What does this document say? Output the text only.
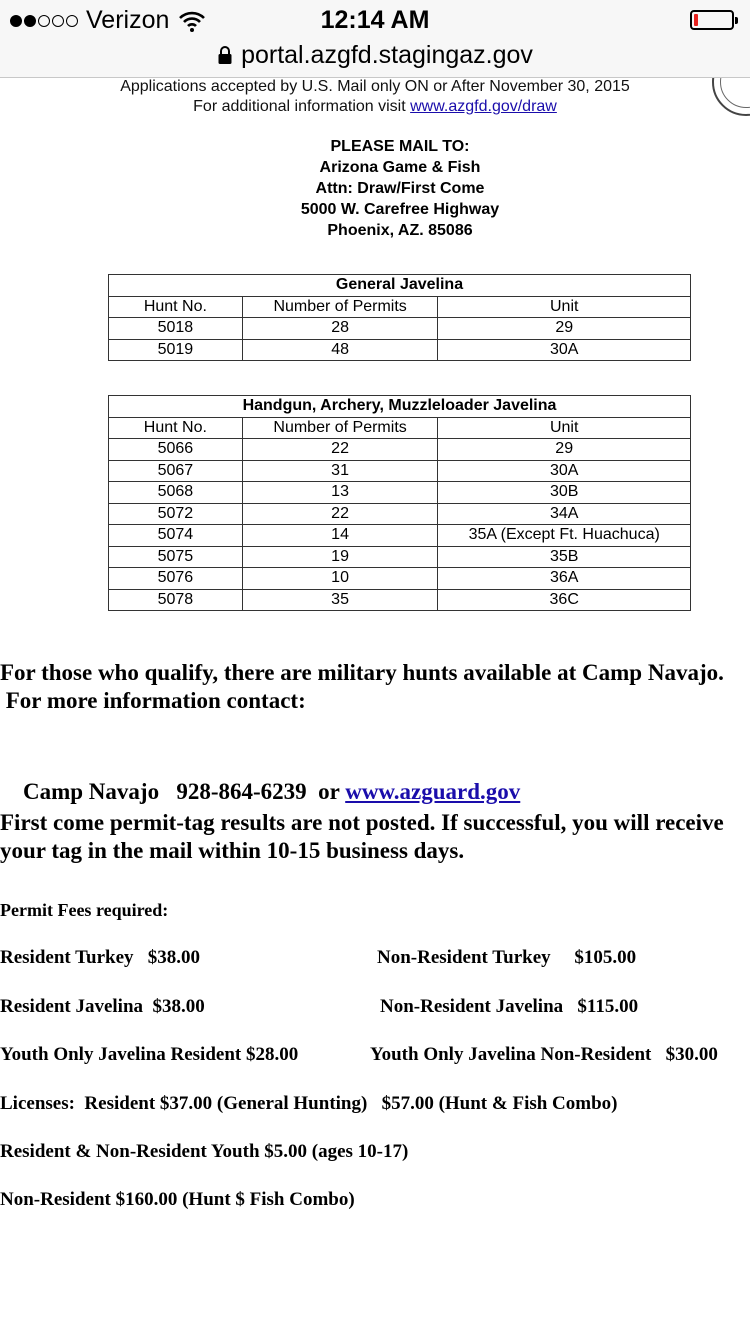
Verizon	12:14 AM
portal.azgfd.stagingaz.gov
Applications accepted by U.S. Mail only ON or After November 30, 2015
For additional information visit www.azgfd.gov/draw
PLEASE MAIL TO:
Arizona Game & Fish
Attn: Draw/First Come
5000 W. Carefree Highway
Phoenix, AZ. 85086
General Javelina		
Hunt No.	Number of Permits	Unit
5018	28	29
5019	48	30A
Handgun, Archery, Muzzleloader Javelina		
Hunt No.	Number of Permits	Unit
5066	22	29
5067	31	30A
5068	13	30B
5072	22	34A
5074	14	35A (Except Ft. Huachuca)
5075	19	35B
5076	10	36A
5078	35	36C
For those who qualify, there are military hunts available at Camp Navajo.
For more information contact:

Camp Navajo   928-864-6239  or www.azguard.gov

First come permit-tag results are not posted. If successful, you will receive
your tag in the mail within 10-15 business days.
Permit Fees required:
Resident Turkey   $38.00	Non-Resident Turkey     $105.00
Resident Javelina  $38.00	Non-Resident Javelina   $115.00
Youth Only Javelina Resident $28.00	Youth Only Javelina Non-Resident   $30.00
Licenses:  Resident $37.00 (General Hunting)   $57.00 (Hunt & Fish Combo)
Resident & Non-Resident Youth $5.00 (ages 10-17)
Non-Resident $160.00 (Hunt $ Fish Combo)
